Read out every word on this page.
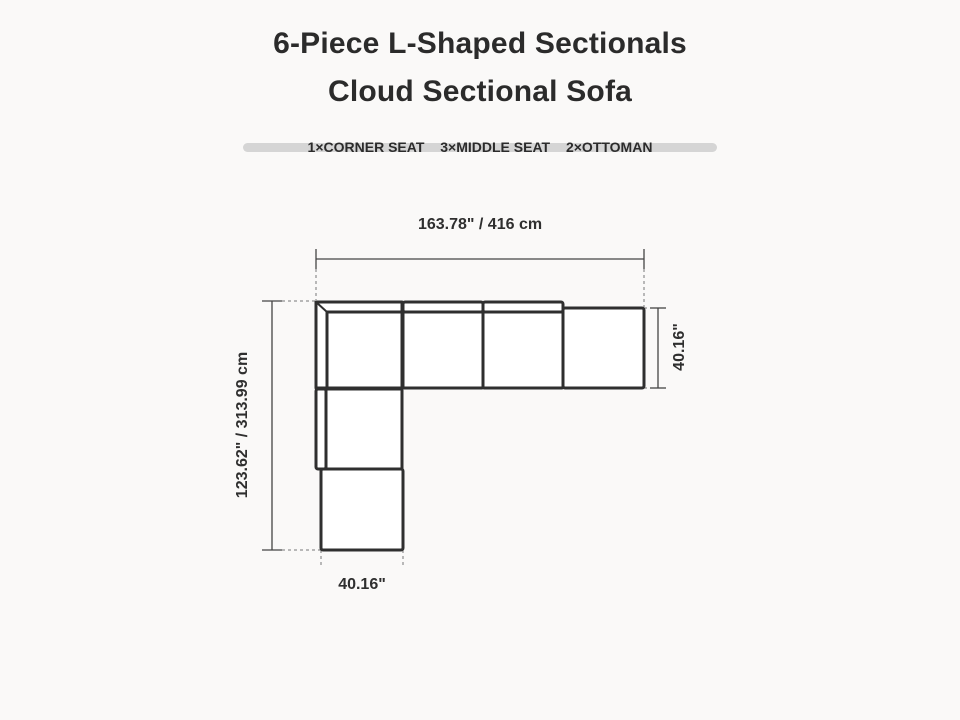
6-Piece L-Shaped Sectionals
Cloud Sectional Sofa
1×CORNER SEAT 3×MIDDLE SEAT 2×OTTOMAN
163.78" / 416 cm
123.62" / 313.99 cm
40.16"
40.16"
